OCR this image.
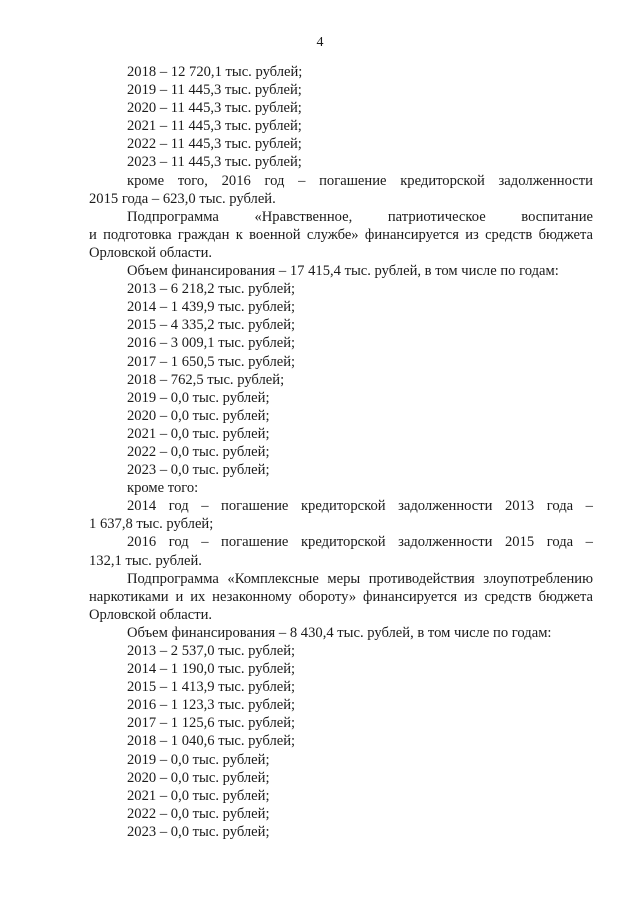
4
2018 – 12 720,1 тыс. рублей;
2019 – 11 445,3 тыс. рублей;
2020 – 11 445,3 тыс. рублей;
2021 – 11 445,3 тыс. рублей;
2022 – 11 445,3 тыс. рублей;
2023 – 11 445,3 тыс. рублей;
кроме того, 2016 год – погашение кредиторской задолженности
2015 года – 623,0 тыс. рублей.
Подпрограмма «Нравственное, патриотическое воспитание
и подготовка граждан к военной службе» финансируется из средств бюджета
Орловской области.
Объем финансирования – 17 415,4 тыс. рублей, в том числе по годам:
2013 – 6 218,2 тыс. рублей;
2014 – 1 439,9 тыс. рублей;
2015 – 4 335,2 тыс. рублей;
2016 – 3 009,1 тыс. рублей;
2017 – 1 650,5 тыс. рублей;
2018 – 762,5 тыс. рублей;
2019 – 0,0 тыс. рублей;
2020 – 0,0 тыс. рублей;
2021 – 0,0 тыс. рублей;
2022 – 0,0 тыс. рублей;
2023 – 0,0 тыс. рублей;
кроме того:
2014 год – погашение кредиторской задолженности 2013 года –
1 637,8 тыс. рублей;
2016 год – погашение кредиторской задолженности 2015 года –
132,1 тыс. рублей.
Подпрограмма «Комплексные меры противодействия злоупотреблению
наркотиками и их незаконному обороту» финансируется из средств бюджета
Орловской области.
Объем финансирования – 8 430,4 тыс. рублей, в том числе по годам:
2013 – 2 537,0 тыс. рублей;
2014 – 1 190,0 тыс. рублей;
2015 – 1 413,9 тыс. рублей;
2016 – 1 123,3 тыс. рублей;
2017 – 1 125,6 тыс. рублей;
2018 – 1 040,6 тыс. рублей;
2019 – 0,0 тыс. рублей;
2020 – 0,0 тыс. рублей;
2021 – 0,0 тыс. рублей;
2022 – 0,0 тыс. рублей;
2023 – 0,0 тыс. рублей;
